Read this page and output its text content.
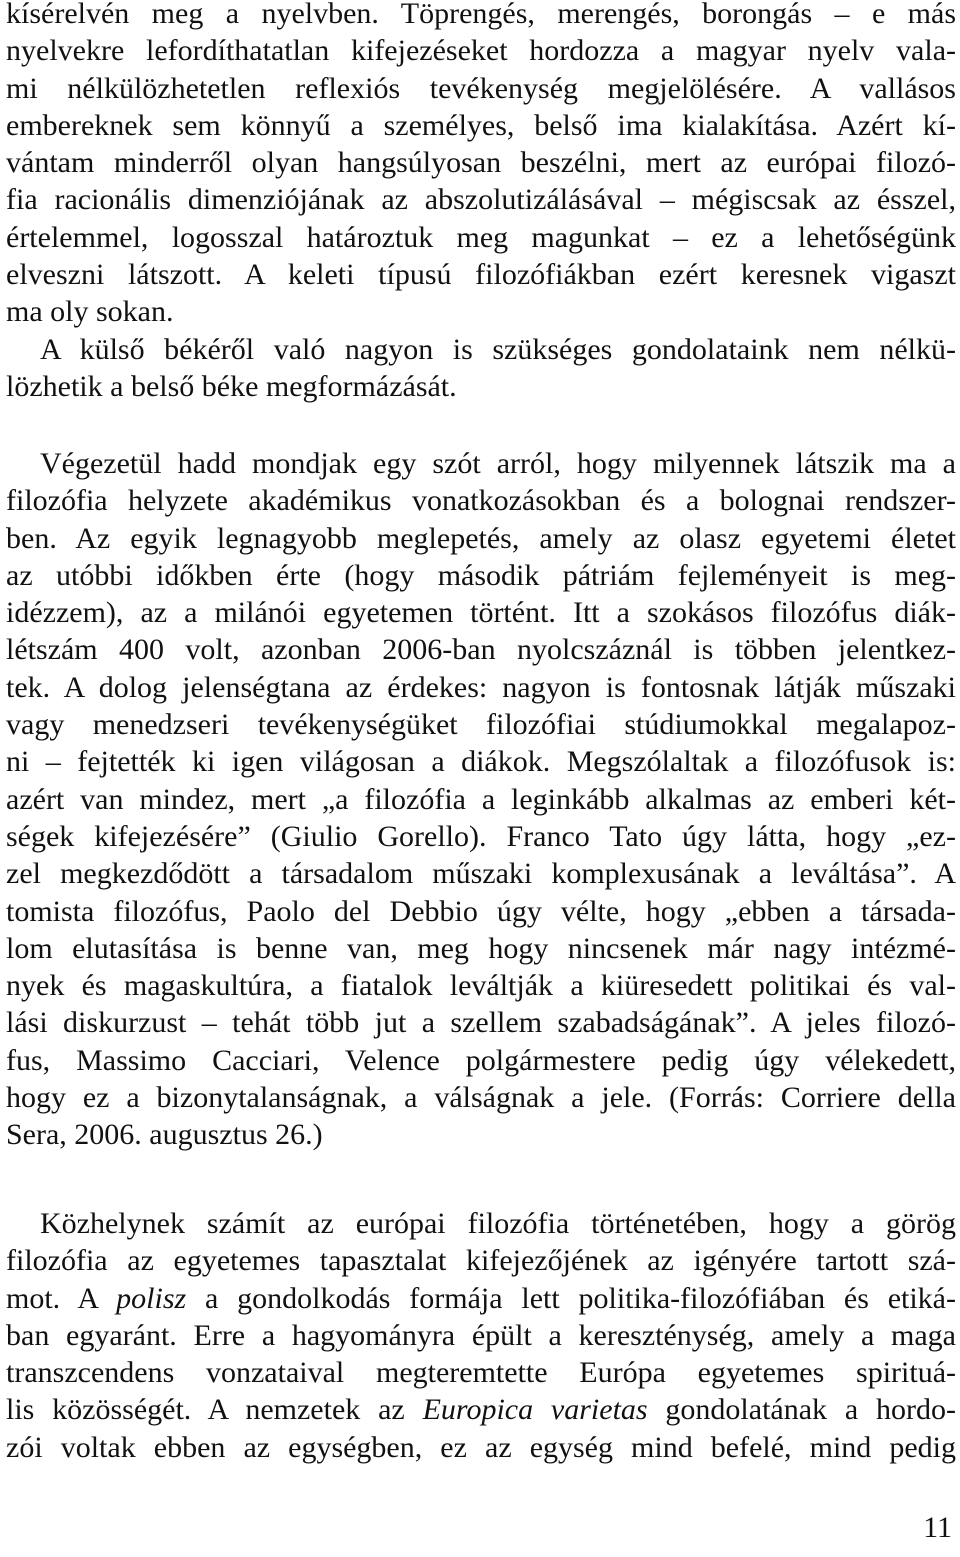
kísérelvén meg a nyelvben. Töprengés, merengés, borongás – e más
nyelvekre lefordíthatatlan kifejezéseket hordozza a magyar nyelv vala-
mi nélkülözhetetlen reflexiós tevékenység megjelölésére. A vallásos
embereknek sem könnyű a személyes, belső ima kialakítása. Azért kí-
vántam minderről olyan hangsúlyosan beszélni, mert az európai filozó-
fia racionális dimenziójának az abszolutizálásával – mégiscsak az ésszel,
értelemmel, logosszal határoztuk meg magunkat – ez a lehetőségünk
elveszni látszott. A keleti típusú filozófiákban ezért keresnek vigaszt
ma oly sokan.
A külső békéről való nagyon is szükséges gondolataink nem nélkü-
lözhetik a belső béke megformázását.
Végezetül hadd mondjak egy szót arról, hogy milyennek látszik ma a
filozófia helyzete akadémikus vonatkozásokban és a bolognai rendszer-
ben. Az egyik legnagyobb meglepetés, amely az olasz egyetemi életet
az utóbbi időkben érte (hogy második pátriám fejleményeit is meg-
idézzem), az a milánói egyetemen történt. Itt a szokásos filozófus diák-
létszám 400 volt, azonban 2006-ban nyolcszáznál is többen jelentkez-
tek. A dolog jelenségtana az érdekes: nagyon is fontosnak látják műszaki
vagy menedzseri tevékenységüket filozófiai stúdiumokkal megalapoz-
ni – fejtették ki igen világosan a diákok. Megszólaltak a filozófusok is:
azért van mindez, mert „a filozófia a leginkább alkalmas az emberi két-
ségek kifejezésére” (Giulio Gorello). Franco Tato úgy látta, hogy „ez-
zel megkezdődött a társadalom műszaki komplexusának a leváltása”. A
tomista filozófus, Paolo del Debbio úgy vélte, hogy „ebben a társada-
lom elutasítása is benne van, meg hogy nincsenek már nagy intézmé-
nyek és magaskultúra, a fiatalok leváltják a kiüresedett politikai és val-
lási diskurzust – tehát több jut a szellem szabadságának”. A jeles filozó-
fus, Massimo Cacciari, Velence polgármestere pedig úgy vélekedett,
hogy ez a bizonytalanságnak, a válságnak a jele. (Forrás: Corriere della
Sera, 2006. augusztus 26.)
Közhelynek számít az európai filozófia történetében, hogy a görög
filozófia az egyetemes tapasztalat kifejezőjének az igényére tartott szá-
mot. A polisz a gondolkodás formája lett politika-filozófiában és etiká-
ban egyaránt. Erre a hagyományra épült a kereszténység, amely a maga
transzcendens vonzataival megteremtette Európa egyetemes spirituá-
lis közösségét. A nemzetek az Europica varietas gondolatának a hordo-
zói voltak ebben az egységben, ez az egység mind befelé, mind pedig
11
